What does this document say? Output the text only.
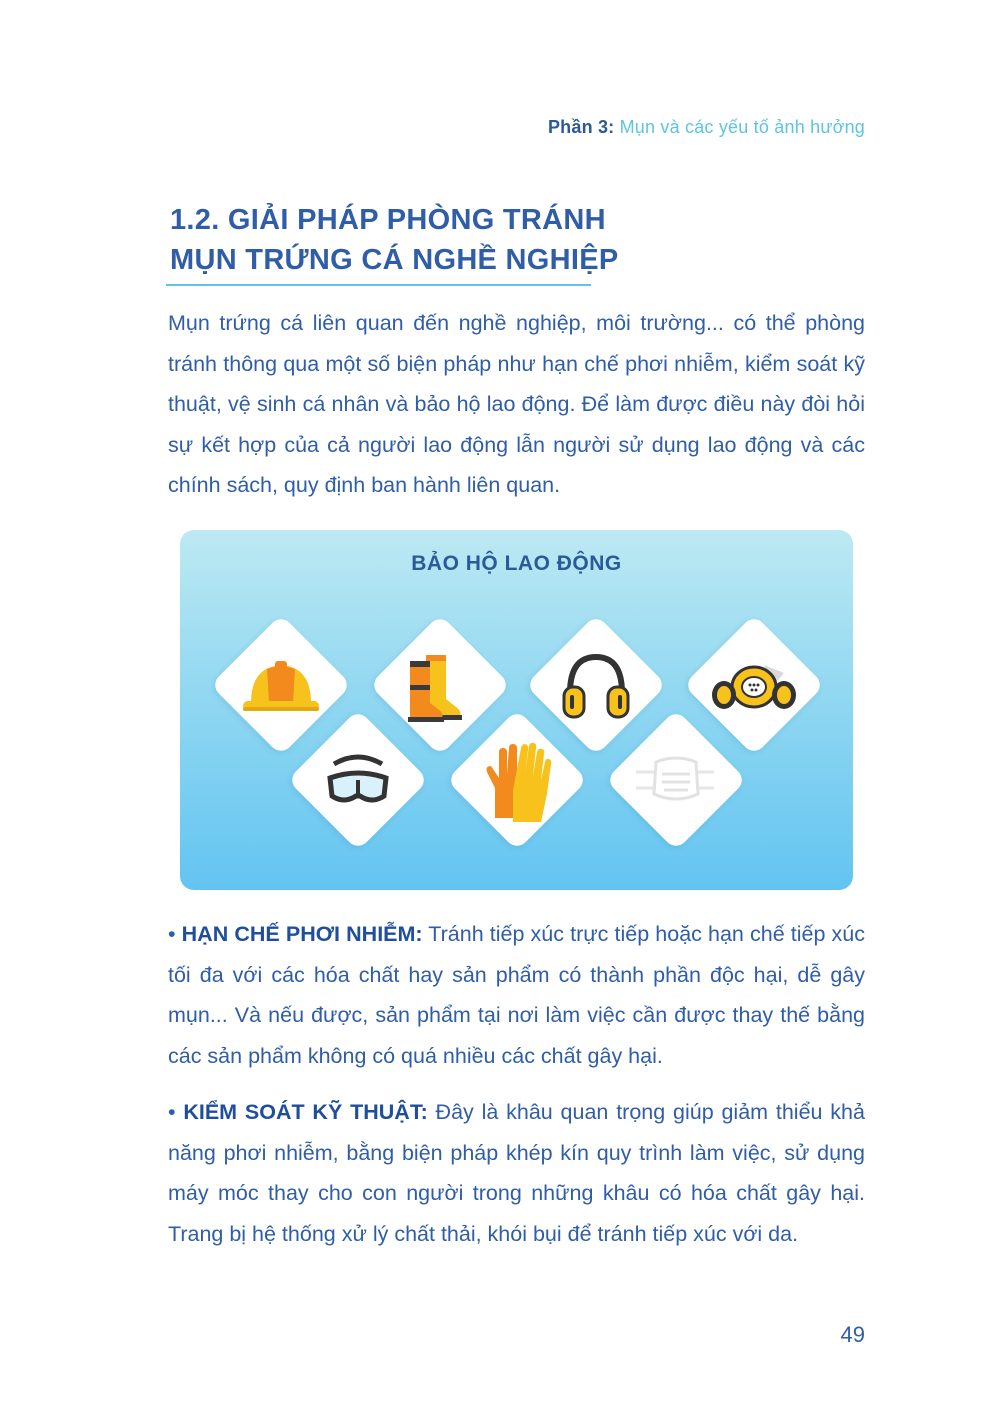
Phần 3: Mụn và các yếu tố ảnh hưởng
1.2. GIẢI PHÁP PHÒNG TRÁNH
MỤN TRỨNG CÁ NGHỀ NGHIỆP

Mụn trứng cá liên quan đến nghề nghiệp, môi trường... có thể phòng tránh thông qua một số biện pháp như hạn chế phơi nhiễm, kiểm soát kỹ thuật, vệ sinh cá nhân và bảo hộ lao động. Để làm được điều này đòi hỏi sự kết hợp của cả người lao động lẫn người sử dụng lao động và các chính sách, quy định ban hành liên quan.

BẢO HỘ LAO ĐỘNG

• HẠN CHẾ PHƠI NHIỄM: Tránh tiếp xúc trực tiếp hoặc hạn chế tiếp xúc tối đa với các hóa chất hay sản phẩm có thành phần độc hại, dễ gây mụn... Và nếu được, sản phẩm tại nơi làm việc cần được thay thế bằng các sản phẩm không có quá nhiều các chất gây hại.

• KIỂM SOÁT KỸ THUẬT: Đây là khâu quan trọng giúp giảm thiểu khả năng phơi nhiễm, bằng biện pháp khép kín quy trình làm việc, sử dụng máy móc thay cho con người trong những khâu có hóa chất gây hại. Trang bị hệ thống xử lý chất thải, khói bụi để tránh tiếp xúc với da.

49
